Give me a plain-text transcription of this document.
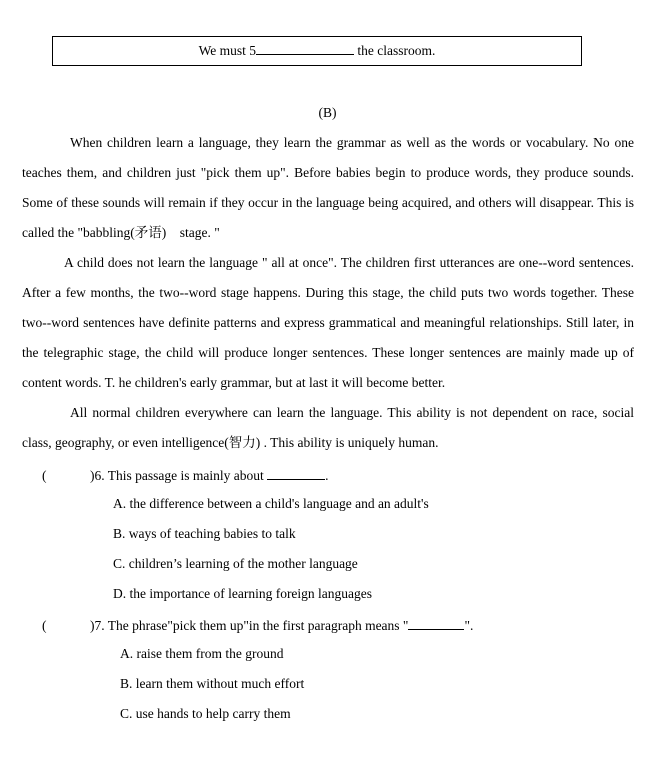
We must 5	the classroom.
(B)

When children learn a language, they learn the grammar as well as the words or vocabulary. No one teaches them, and children just "pick them up". Before babies begin to produce words, they produce sounds. Some of these sounds will remain if they occur in the language being acquired, and others will disappear. This is called the "babbling(矛语)　stage. "

A child does not learn the language " all at once". The children first utterances are one--word sentences. After a few months, the two--word stage happens. During this stage, the child puts two words together. These two--word sentences have definite patterns and express grammatical and meaningful relationships. Still later, in the telegraphic stage, the child will produce longer sentences. These longer sentences are mainly made up of content words. T. he children's early grammar, but at last it will become better.

All normal children everywhere can learn the language. This ability is not dependent on race, social class, geography, or even intelligence(智力) . This ability is uniquely human.

(	)6. This passage is mainly about	.
A. the difference between a child's language and an adult's
B. ways of teaching babies to talk
C. children’s learning of the mother language
D. the importance of learning foreign languages
(	)7. The phrase"pick them up"in the first paragraph means "	".
A. raise them from the ground
B. learn them without much effort
C. use hands to help carry them
